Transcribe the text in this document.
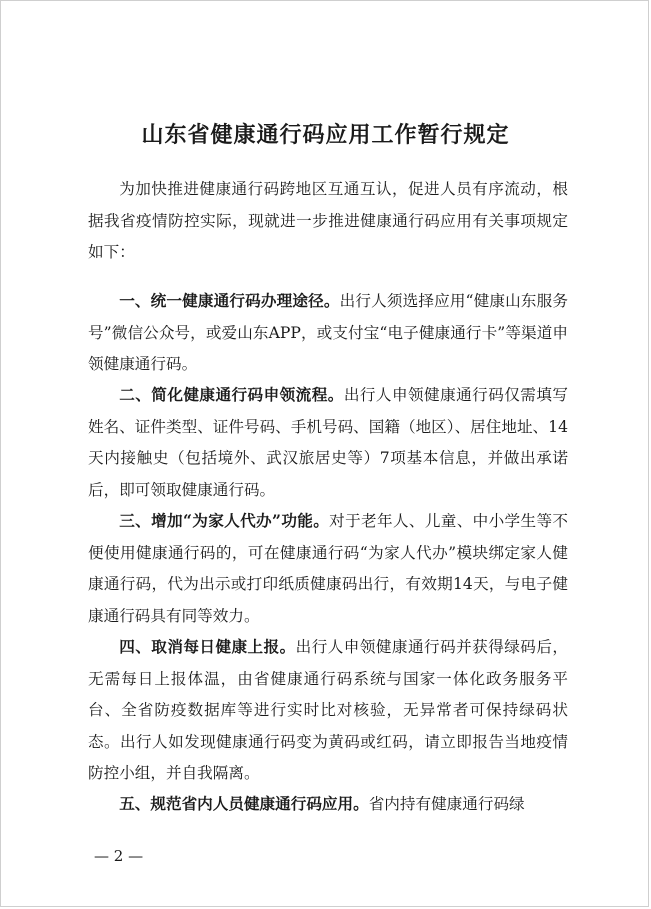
山东省健康通行码应用工作暂行规定
为加快推进健康通行码跨地区互通互认，促进人员有序流动，根据我省疫情防控实际，现就进一步推进健康通行码应用有关事项规定如下：
一、统一健康通行码办理途径。出行人须选择应用“健康山东服务号”微信公众号，或爱山东APP，或支付宝“电子健康通行卡”等渠道申领健康通行码。
二、简化健康通行码申领流程。出行人申领健康通行码仅需填写姓名、证件类型、证件号码、手机号码、国籍（地区）、居住地址、14天内接触史（包括境外、武汉旅居史等）7项基本信息，并做出承诺后，即可领取健康通行码。
三、增加“为家人代办”功能。对于老年人、儿童、中小学生等不便使用健康通行码的，可在健康通行码“为家人代办”模块绑定家人健康通行码，代为出示或打印纸质健康码出行，有效期14天，与电子健康通行码具有同等效力。
四、取消每日健康上报。出行人申领健康通行码并获得绿码后，无需每日上报体温，由省健康通行码系统与国家一体化政务服务平台、全省防疫数据库等进行实时比对核验，无异常者可保持绿码状态。出行人如发现健康通行码变为黄码或红码，请立即报告当地疫情防控小组，并自我隔离。
五、规范省内人员健康通行码应用。省内持有健康通行码绿
— 2 —
